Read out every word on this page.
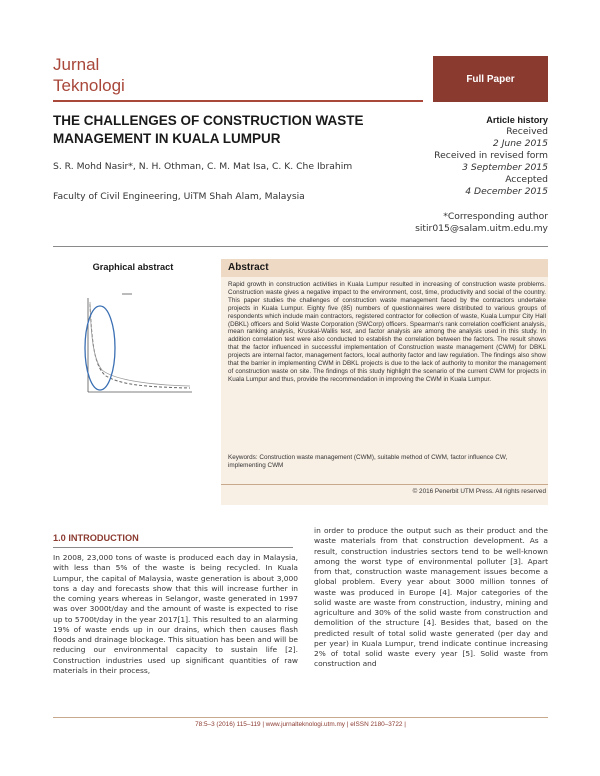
Jurnal
Teknologi	Full Paper
THE CHALLENGES OF CONSTRUCTION WASTE MANAGEMENT IN KUALA LUMPUR
S. R. Mohd Nasir*, N. H. Othman, C. M. Mat Isa, C. K. Che Ibrahim
Faculty of Civil Engineering, UiTM Shah Alam, Malaysia
Article history
Received
2 June 2015
Received in revised form
3 September 2015
Accepted
4 December 2015
*Corresponding author
sitir015@salam.uitm.edu.my
Graphical abstract	Abstract
Rapid growth in construction activities in Kuala Lumpur resulted in increasing of construction waste problems. Construction waste gives a negative impact to the environment, cost, time, productivity and social of the country. This paper studies the challenges of construction waste management faced by the contractors undertake projects in Kuala Lumpur. Eighty five (85) numbers of questionnaires were distributed to various groups of respondents which include main contractors, registered contractor for collection of waste, Kuala Lumpur City Hall (DBKL) officers and Solid Waste Corporation (SWCorp) officers. Spearman's rank correlation coefficient analysis, mean ranking analysis, Kruskal-Wallis test, and factor analysis are among the analysis used in this study. In addition correlation test were also conducted to establish the correlation between the factors. The result shows that the factor influenced in successful implementation of Construction waste management (CWM) for DBKL projects are internal factor, management factors, local authority factor and law regulation. The findings also show that the barrier in implementing CWM in DBKL projects is due to the lack of authority to monitor the management of construction waste on site. The findings of this study highlight the scenario of the current CWM for projects in Kuala Lumpur and thus, provide the recommendation in improving the CWM in Kuala Lumpur.
Keywords: Construction waste management (CWM), suitable method of CWM, factor influence CW, implementing CWM
© 2016 Penerbit UTM Press. All rights reserved
1.0 INTRODUCTION
In 2008, 23,000 tons of waste is produced each day in Malaysia, with less than 5% of the waste is being recycled. In Kuala Lumpur, the capital of Malaysia, waste generation is about 3,000 tons a day and forecasts show that this will increase further in the coming years whereas in Selangor, waste generated in 1997 was over 3000t/day and the amount of waste is expected to rise up to 5700t/day in the year 2017[1]. This resulted to an alarming 19% of waste ends up in our drains, which then causes flash floods and drainage blockage. This situation has been and will be reducing our environmental capacity to sustain life [2]. Construction industries used up significant quantities of raw materials in their process,
in order to produce the output such as their product and the waste materials from that construction development. As a result, construction industries sectors tend to be well-known among the worst type of environmental polluter [3]. Apart from that, construction waste management issues become a global problem. Every year about 3000 million tonnes of waste was produced in Europe [4]. Major categories of the solid waste are waste from construction, industry, mining and agriculture and 30% of the solid waste from construction and demolition of the structure [4]. Besides that, based on the predicted result of total solid waste generated (per day and per year) in Kuala Lumpur, trend indicate continue increasing 2% of total solid waste every year [5]. Solid waste from construction and
78:5–3 (2016) 115–119 | www.jurnalteknologi.utm.my | eISSN 2180–3722 |
